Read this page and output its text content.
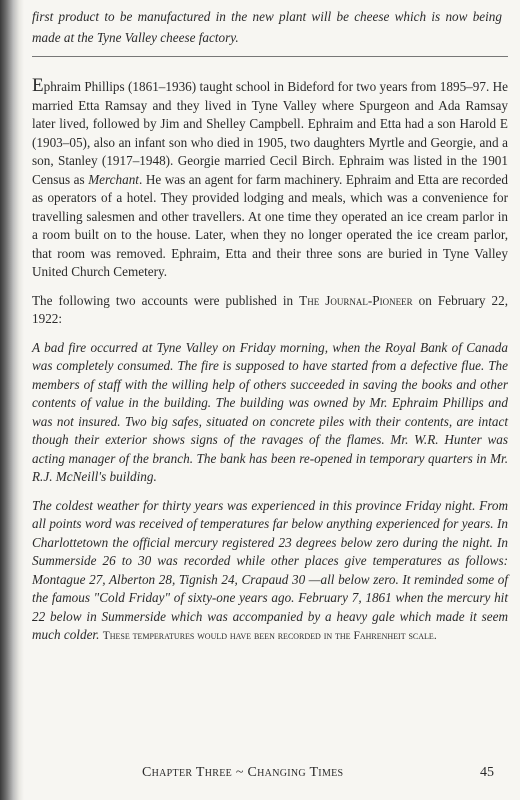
first product to be manufactured in the new plant will be cheese which is now being made at the Tyne Valley cheese factory.

Ephraim Phillips (1861–1936) taught school in Bideford for two years from 1895–97. He married Etta Ramsay and they lived in Tyne Valley where Spurgeon and Ada Ramsay later lived, followed by Jim and Shelley Campbell. Ephraim and Etta had a son Harold E (1903–05), also an infant son who died in 1905, two daughters Myrtle and Georgie, and a son, Stanley (1917–1948). Georgie married Cecil Birch. Ephraim was listed in the 1901 Census as Merchant. He was an agent for farm machinery. Ephraim and Etta are recorded as operators of a hotel. They provided lodging and meals, which was a convenience for travelling salesmen and other travellers. At one time they operated an ice cream parlor in a room built on to the house. Later, when they no longer operated the ice cream parlor, that room was removed. Ephraim, Etta and their three sons are buried in Tyne Valley United Church Cemetery.

The following two accounts were published in The Journal-Pioneer on February 22, 1922:

A bad fire occurred at Tyne Valley on Friday morning, when the Royal Bank of Canada was completely consumed. The fire is supposed to have started from a defective flue. The members of staff with the willing help of others succeeded in saving the books and other contents of value in the building. The building was owned by Mr. Ephraim Phillips and was not insured. Two big safes, situated on concrete piles with their contents, are intact though their exterior shows signs of the ravages of the flames. Mr. W.R. Hunter was acting manager of the branch. The bank has been re-opened in temporary quarters in Mr. R.J. McNeill's building.

The coldest weather for thirty years was experienced in this province Friday night. From all points word was received of temperatures far below anything experienced for years. In Charlottetown the official mercury registered 23 degrees below zero during the night. In Summerside 26 to 30 was recorded while other places give temperatures as follows: Montague 27, Alberton 28, Tignish 24, Crapaud 30 —all below zero. It reminded some of the famous "Cold Friday" of sixty-one years ago. February 7, 1861 when the mercury hit 22 below in Summerside which was accompanied by a heavy gale which made it seem much colder. These temperatures would have been recorded in the Fahrenheit scale.

Chapter Three ~ Changing Times	45
